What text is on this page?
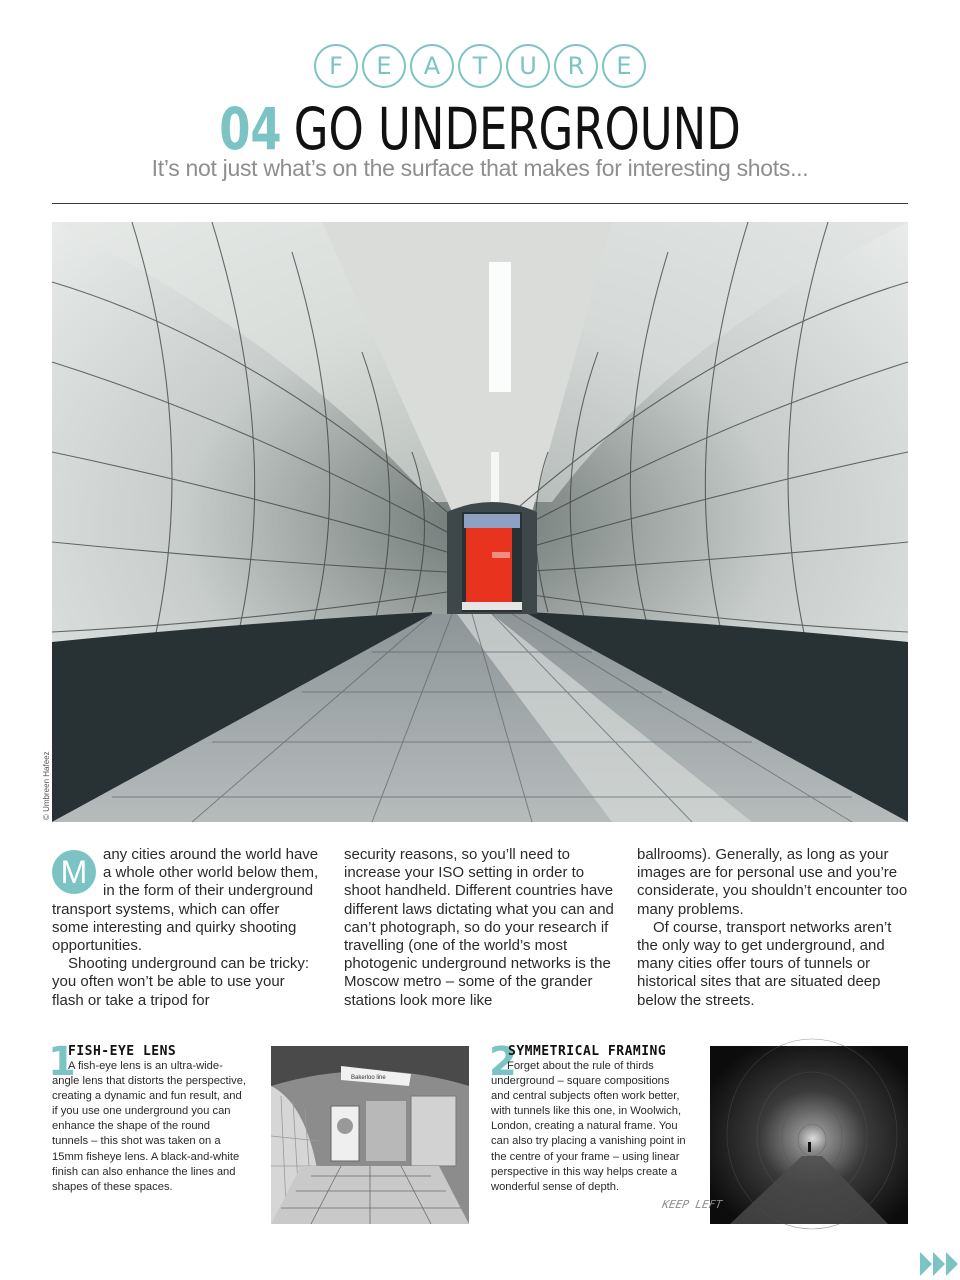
F	E	A	T	U	R	E
04 GO UNDERGROUND
It’s not just what’s on the surface that makes for interesting shots...
© Umbreen Hafeez
M	any cities around the world have a whole other world below them, in the form of their underground transport systems, which can offer some interesting and quirky shooting opportunities.

Shooting underground can be tricky: you often won’t be able to use your flash or take a tripod for

security reasons, so you’ll need to increase your ISO setting in order to shoot handheld. Different countries have different laws dictating what you can and can’t photograph, so do your research if travelling (one of the world’s most photogenic underground networks is the Moscow metro – some of the grander stations look more like

ballrooms). Generally, as long as your images are for personal use and you’re considerate, you shouldn’t encounter too many problems.

Of course, transport networks aren’t the only way to get underground, and many cities offer tours of tunnels or historical sites that are situated deep below the streets.

1
FISH-EYE LENS

A fish-eye lens is an ultra-wide-angle lens that distorts the perspective, creating a dynamic and fun result, and if you use one underground you can enhance the shape of the round tunnels – this shot was taken on a 15mm fisheye lens. A black-and-white finish can also enhance the lines and shapes of these spaces.

Bakerloo line	2
SYMMETRICAL FRAMING

Forget about the rule of thirds underground – square compositions and central subjects often work better, with tunnels like this one, in Woolwich, London, creating a natural frame. You can also try placing a vanishing point in the centre of your frame – using linear perspective in this way helps create a wonderful sense of depth.

KEEP LEFT
